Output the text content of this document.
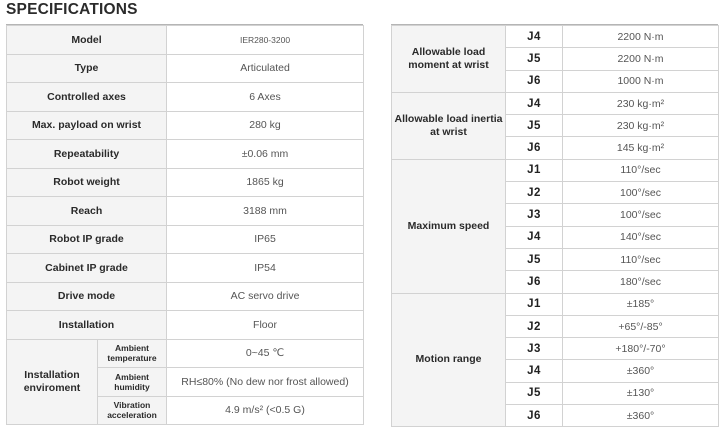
SPECIFICATIONS
Model		IER280-3200
Type		Articulated
Controlled axes		6 Axes
Max. payload on wrist		280 kg
Repeatability		±0.06 mm
Robot weight		1865 kg
Reach		3188 mm
Robot IP grade		IP65
Cabinet IP grade		IP54
Drive mode		AC servo drive
Installation		Floor
Installation enviroment	Ambient temperature	0~45 ℃
	Ambient humidity	RH≤80% (No dew nor frost allowed)
	Vibration acceleration	4.9 m/s² (<0.5 G)
Allowable load moment at wrist	J4	2200 N·m
	J5	2200 N·m
	J6	1000 N·m
Allowable load inertia at wrist	J4	230 kg·m²
	J5	230 kg·m²
	J6	145 kg·m²
Maximum speed	J1	110°/sec
	J2	100°/sec
	J3	100°/sec
	J4	140°/sec
	J5	110°/sec
	J6	180°/sec
Motion range	J1	±185°
	J2	+65°/-85°
	J3	+180°/-70°
	J4	±360°
	J5	±130°
	J6	±360°
